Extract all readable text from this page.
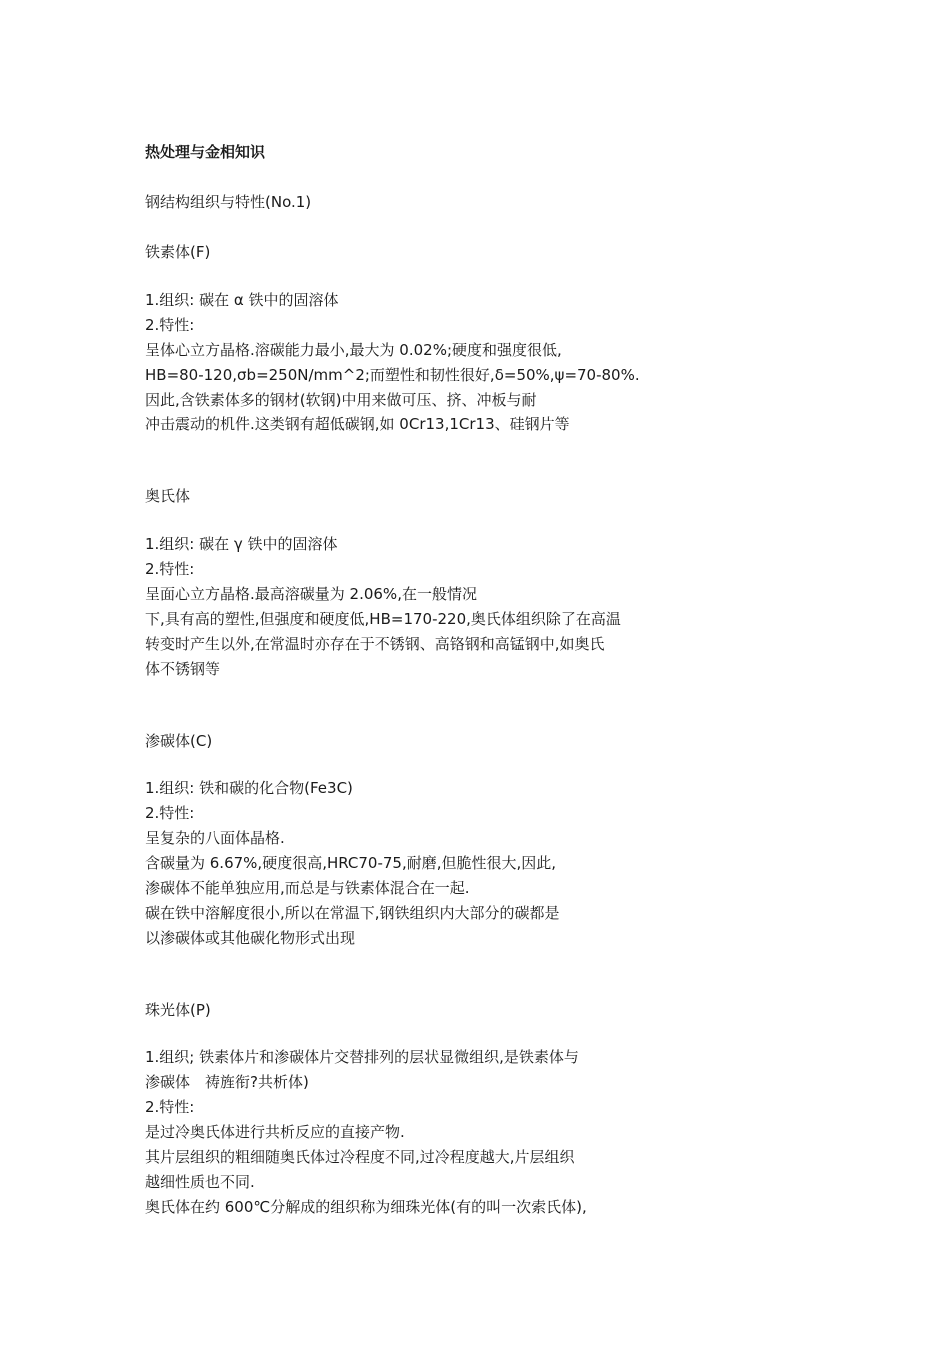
热处理与金相知识
钢结构组织与特性(No.1)
铁素体(F)
1.组织: 碳在 α 铁中的固溶体
2.特性:
呈体心立方晶格.溶碳能力最小,最大为 0.02%;硬度和强度很低,
HB=80-120,σb=250N/mm^2;而塑性和韧性很好,δ=50%,ψ=70-80%.
因此,含铁素体多的钢材(软钢)中用来做可压、挤、冲板与耐
冲击震动的机件.这类钢有超低碳钢,如 0Cr13,1Cr13、硅钢片等
奥氏体
1.组织: 碳在 γ 铁中的固溶体
2.特性:
呈面心立方晶格.最高溶碳量为 2.06%,在一般情况
下,具有高的塑性,但强度和硬度低,HB=170-220,奥氏体组织除了在高温
转变时产生以外,在常温时亦存在于不锈钢、高铬钢和高锰钢中,如奥氏
体不锈钢等
渗碳体(C)
1.组织: 铁和碳的化合物(Fe3C)
2.特性:
呈复杂的八面体晶格.
含碳量为 6.67%,硬度很高,HRC70-75,耐磨,但脆性很大,因此,
渗碳体不能单独应用,而总是与铁素体混合在一起.
碳在铁中溶解度很小,所以在常温下,钢铁组织内大部分的碳都是
以渗碳体或其他碳化物形式出现
珠光体(P)
1.组织; 铁素体片和渗碳体片交替排列的层状显微组织,是铁素体与
渗碳体　祷旌衔?共析体)
2.特性:
是过冷奥氏体进行共析反应的直接产物.
其片层组织的粗细随奥氏体过冷程度不同,过冷程度越大,片层组织
越细性质也不同.
奥氏体在约 600℃分解成的组织称为细珠光体(有的叫一次索氏体),
